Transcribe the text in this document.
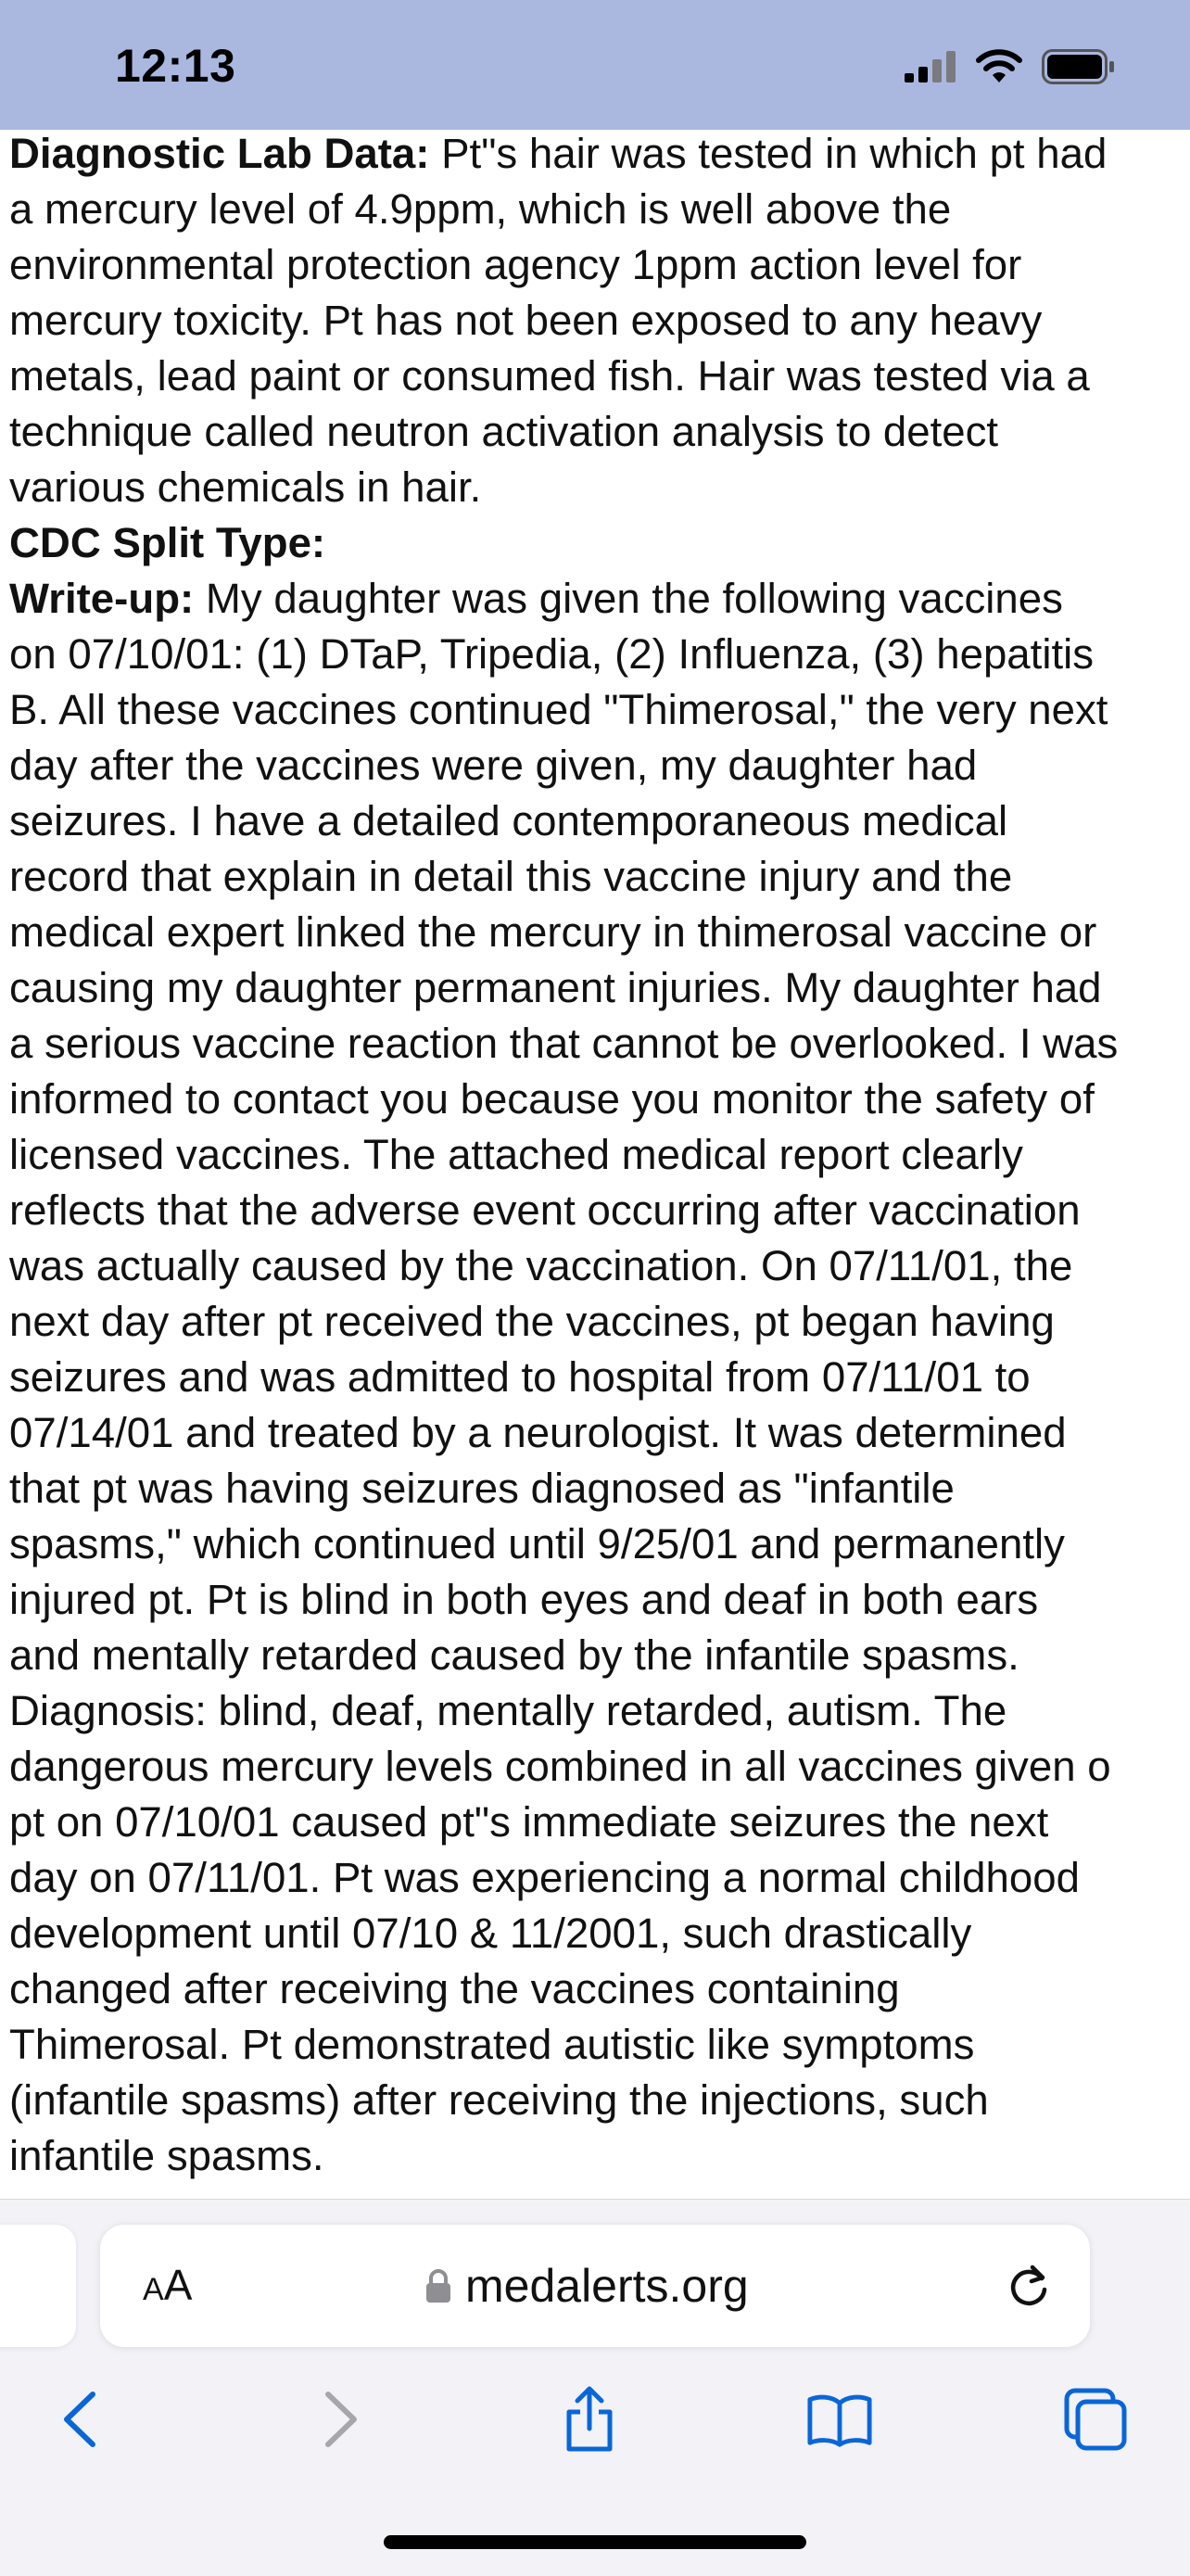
12:13

Diagnostic Lab Data: Pt"s hair was tested in which pt had

a mercury level of 4.9ppm, which is well above the

environmental protection agency 1ppm action level for

mercury toxicity. Pt has not been exposed to any heavy

metals, lead paint or consumed fish. Hair was tested via a

technique called neutron activation analysis to detect

various chemicals in hair.

CDC Split Type:

Write-up: My daughter was given the following vaccines

on 07/10/01: (1) DTaP, Tripedia, (2) Influenza, (3) hepatitis

B. All these vaccines continued "Thimerosal," the very next

day after the vaccines were given, my daughter had

seizures. I have a detailed contemporaneous medical

record that explain in detail this vaccine injury and the

medical expert linked the mercury in thimerosal vaccine or

causing my daughter permanent injuries. My daughter had

a serious vaccine reaction that cannot be overlooked. I was

informed to contact you because you monitor the safety of

licensed vaccines. The attached medical report clearly

reflects that the adverse event occurring after vaccination

was actually caused by the vaccination. On 07/11/01, the

next day after pt received the vaccines, pt began having

seizures and was admitted to hospital from 07/11/01 to

07/14/01 and treated by a neurologist. It was determined

that pt was having seizures diagnosed as "infantile

spasms," which continued until 9/25/01 and permanently

injured pt. Pt is blind in both eyes and deaf in both ears

and mentally retarded caused by the infantile spasms.

Diagnosis: blind, deaf, mentally retarded, autism. The

dangerous mercury levels combined in all vaccines given o

pt on 07/10/01 caused pt"s immediate seizures the next

day on 07/11/01. Pt was experiencing a normal childhood

development until 07/10 & 11/2001, such drastically

changed after receiving the vaccines containing

Thimerosal. Pt demonstrated autistic like symptoms

(infantile spasms) after receiving the injections, such

infantile spasms.

A A	medalerts.org
